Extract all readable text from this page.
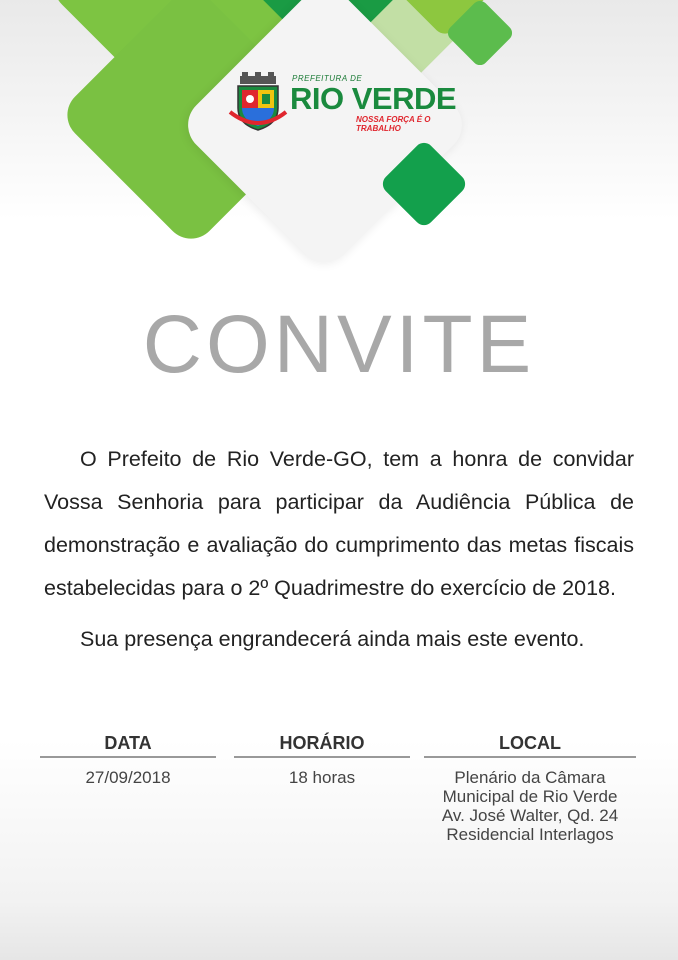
PREFEITURA DE
RIO VERDE
NOSSA FORÇA É O TRABALHO
CONVITE

O Prefeito de Rio Verde-GO, tem a honra de convidar Vossa Senhoria para participar da Audiência Pública de demonstração e avaliação do cumprimento das metas fiscais estabelecidas para o 2º Quadrimestre do exercício de 2018.

Sua presença engrandecerá ainda mais este evento.

DATA
27/09/2018
HORÁRIO
18 horas
LOCAL
Plenário da Câmara
Municipal de Rio Verde
Av. José Walter, Qd. 24
Residencial Interlagos
